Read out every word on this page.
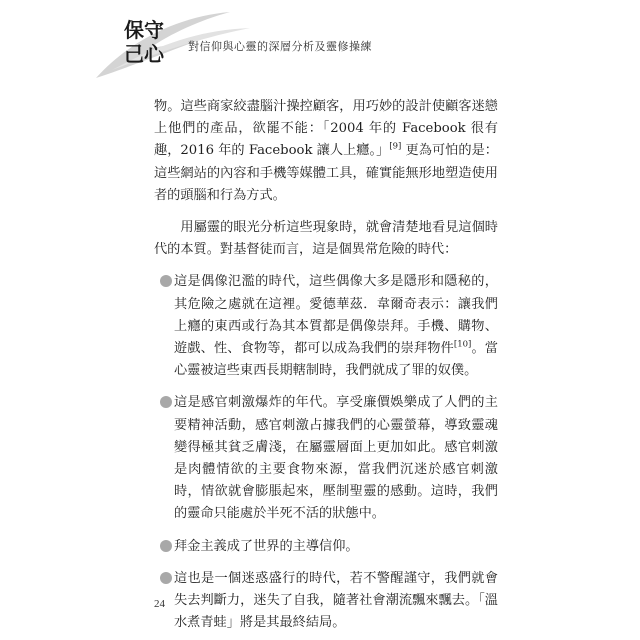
保守
己心	對信仰與心靈的深層分析及靈修操練

物。這些商家絞盡腦汁操控顧客，用巧妙的設計使顧客迷戀上他們的產品，欲罷不能：「2004 年的 Facebook 很有趣，2016 年的 Facebook 讓人上癮。」[9] 更為可怕的是：這些網站的內容和手機等媒體工具，確實能無形地塑造使用者的頭腦和行為方式。

用屬靈的眼光分析這些現象時，就會清楚地看見這個時代的本質。對基督徒而言，這是個異常危險的時代：

這是偶像氾濫的時代，這些偶像大多是隱形和隱秘的，其危險之處就在這裡。愛德華茲．韋爾奇表示：讓我們上癮的東西或行為其本質都是偶像崇拜。手機、購物、遊戲、性、食物等，都可以成為我們的崇拜物件[10]。當心靈被這些東西長期轄制時，我們就成了罪的奴僕。
這是感官刺激爆炸的年代。享受廉價娛樂成了人們的主要精神活動，感官刺激占據我們的心靈螢幕，導致靈魂變得極其貧乏膚淺，在屬靈層面上更加如此。感官刺激是肉體情欲的主要食物來源，當我們沉迷於感官刺激時，情欲就會膨脹起來，壓制聖靈的感動。這時，我們的靈命只能處於半死不活的狀態中。
拜金主義成了世界的主導信仰。
這也是一個迷惑盛行的時代，若不警醒謹守，我們就會失去判斷力，迷失了自我，隨著社會潮流飄來飄去。「溫水煮青蛙」將是其最終結局。
24
